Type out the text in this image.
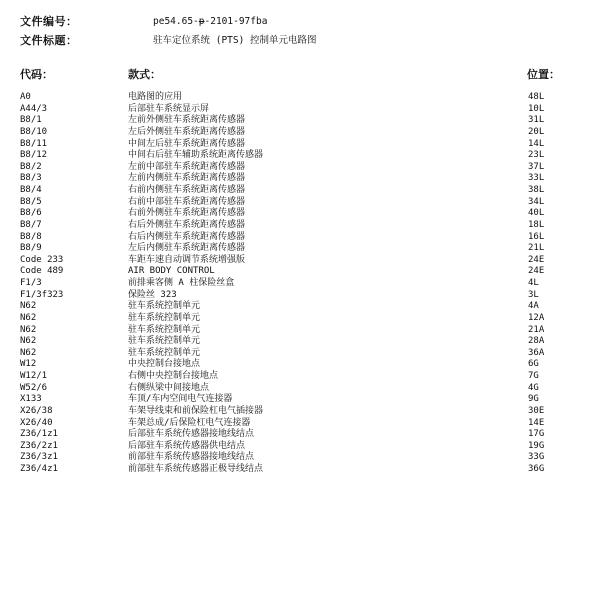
文件编号：	pe54.65-p-2101-97fba
文件标题：	驻车定位系统 (PTS) 控制单元电路图
代码：	款式：	位置：
A0	电路图的应用	48L
A44/3	后部驻车系统显示屏	10L
B8/1	左前外侧驻车系统距离传感器	31L
B8/10	左后外侧驻车系统距离传感器	20L
B8/11	中间左后驻车系统距离传感器	14L
B8/12	中间右后驻车辅助系统距离传感器	23L
B8/2	左前中部驻车系统距离传感器	37L
B8/3	左前内侧驻车系统距离传感器	33L
B8/4	右前内侧驻车系统距离传感器	38L
B8/5	右前中部驻车系统距离传感器	34L
B8/6	右前外侧驻车系统距离传感器	40L
B8/7	右后外侧驻车系统距离传感器	18L
B8/8	右后内侧驻车系统距离传感器	16L
B8/9	左后内侧驻车系统距离传感器	21L
Code 233	车距车速自动调节系统增强版	24E
Code 489	AIR BODY CONTROL	24E
F1/3	前排乘客侧 A 柱保险丝盒	4L
F1/3f323	保险丝 323	3L
N62	驻车系统控制单元	4A
N62	驻车系统控制单元	12A
N62	驻车系统控制单元	21A
N62	驻车系统控制单元	28A
N62	驻车系统控制单元	36A
W12	中央控制台接地点	6G
W12/1	右侧中央控制台接地点	7G
W52/6	右侧纵梁中间接地点	4G
X133	车顶/车内空间电气连接器	9G
X26/38	车架导线束和前保险杠电气插接器	30E
X26/40	车架总成/后保险杠电气连接器	14E
Z36/1z1	后部驻车系统传感器接地线结点	17G
Z36/2z1	后部驻车系统传感器供电结点	19G
Z36/3z1	前部驻车系统传感器接地线结点	33G
Z36/4z1	前部驻车系统传感器正极导线结点	36G
